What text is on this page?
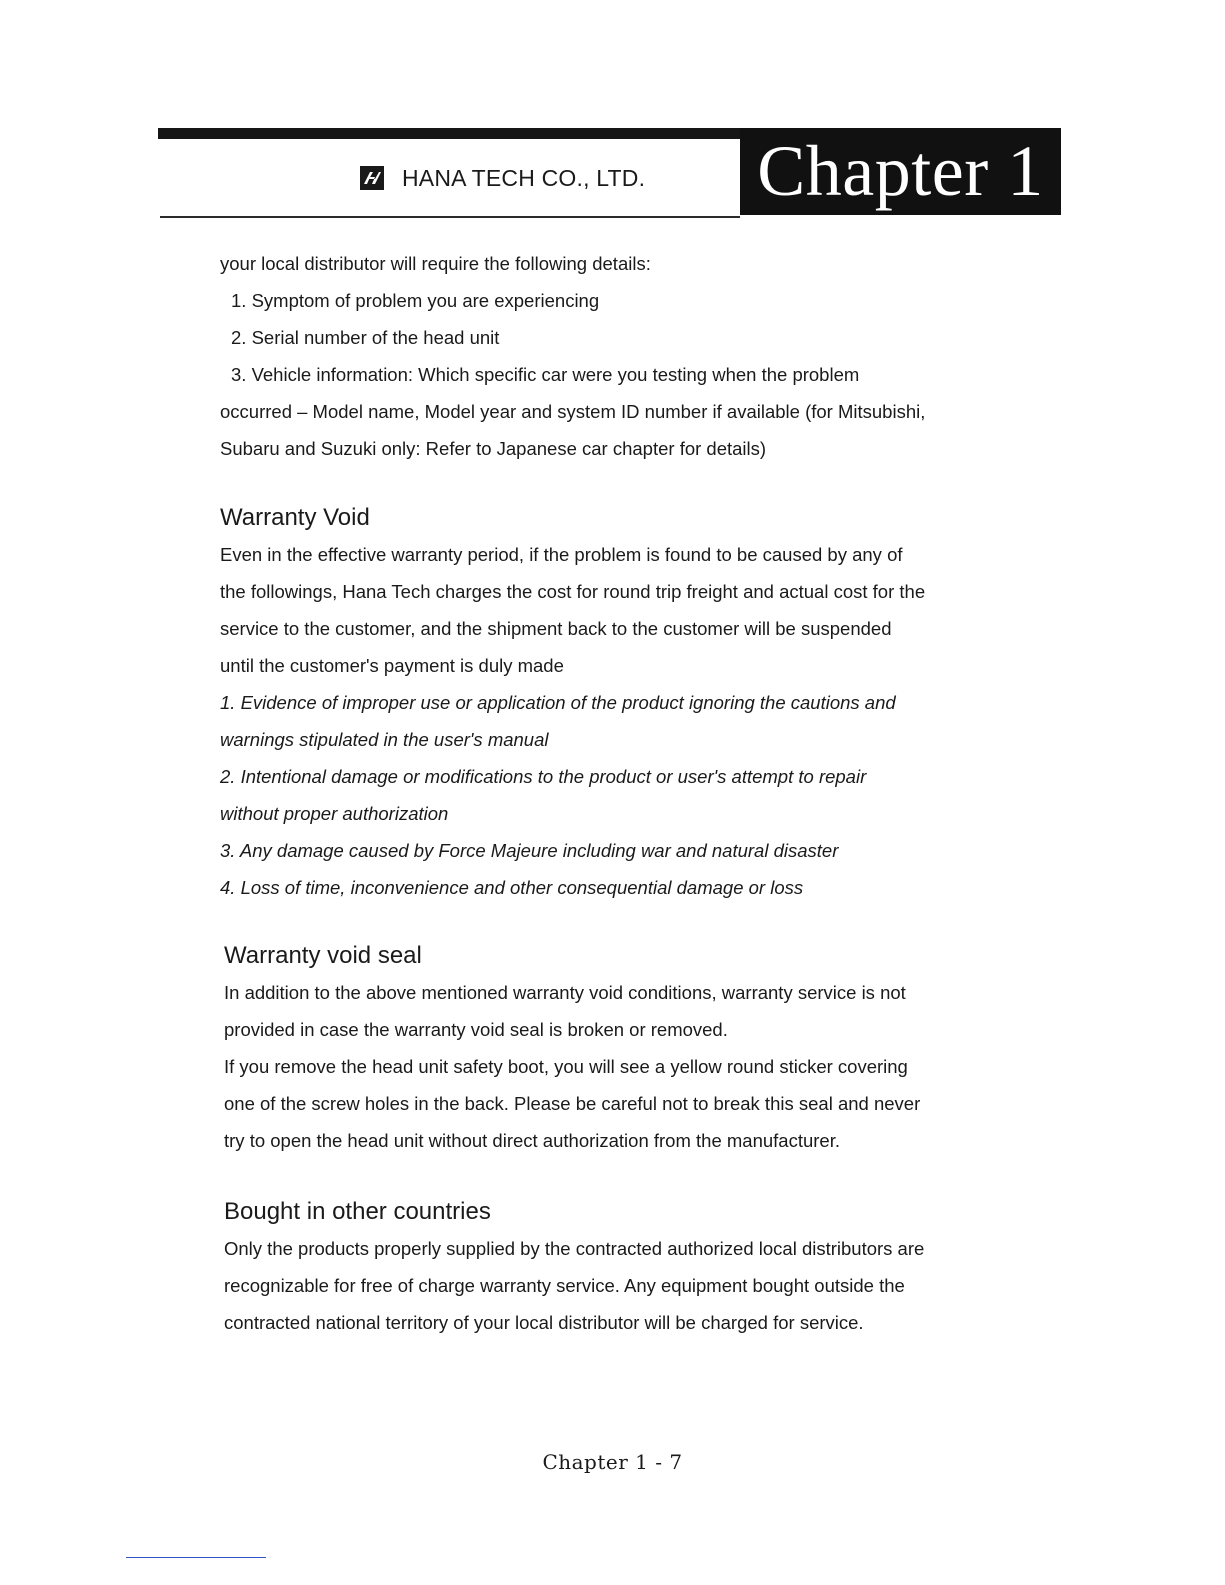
HANA TECH CO., LTD. Chapter 1
your local distributor will require the following details:
1. Symptom of problem you are experiencing
2. Serial number of the head unit
3. Vehicle information: Which specific car were you testing when the problem
occurred – Model name, Model year and system ID number if available (for Mitsubishi,
Subaru and Suzuki only: Refer to Japanese car chapter for details)
Warranty Void
Even in the effective warranty period, if the problem is found to be caused by any of
the followings, Hana Tech charges the cost for round trip freight and actual cost for the
service to the customer, and the shipment back to the customer will be suspended
until the customer's payment is duly made
1. Evidence of improper use or application of the product ignoring the cautions and
warnings stipulated in the user's manual
2. Intentional damage or modifications to the product or user's attempt to repair
without proper authorization
3. Any damage caused by Force Majeure including war and natural disaster
4. Loss of time, inconvenience and other consequential damage or loss
Warranty void seal
In addition to the above mentioned warranty void conditions, warranty service is not
provided in case the warranty void seal is broken or removed.
If you remove the head unit safety boot, you will see a yellow round sticker covering
one of the screw holes in the back. Please be careful not to break this seal and never
try to open the head unit without direct authorization from the manufacturer.
Bought in other countries
Only the products properly supplied by the contracted authorized local distributors are
recognizable for free of charge warranty service. Any equipment bought outside the
contracted national territory of your local distributor will be charged for service.
Chapter 1 - 7
